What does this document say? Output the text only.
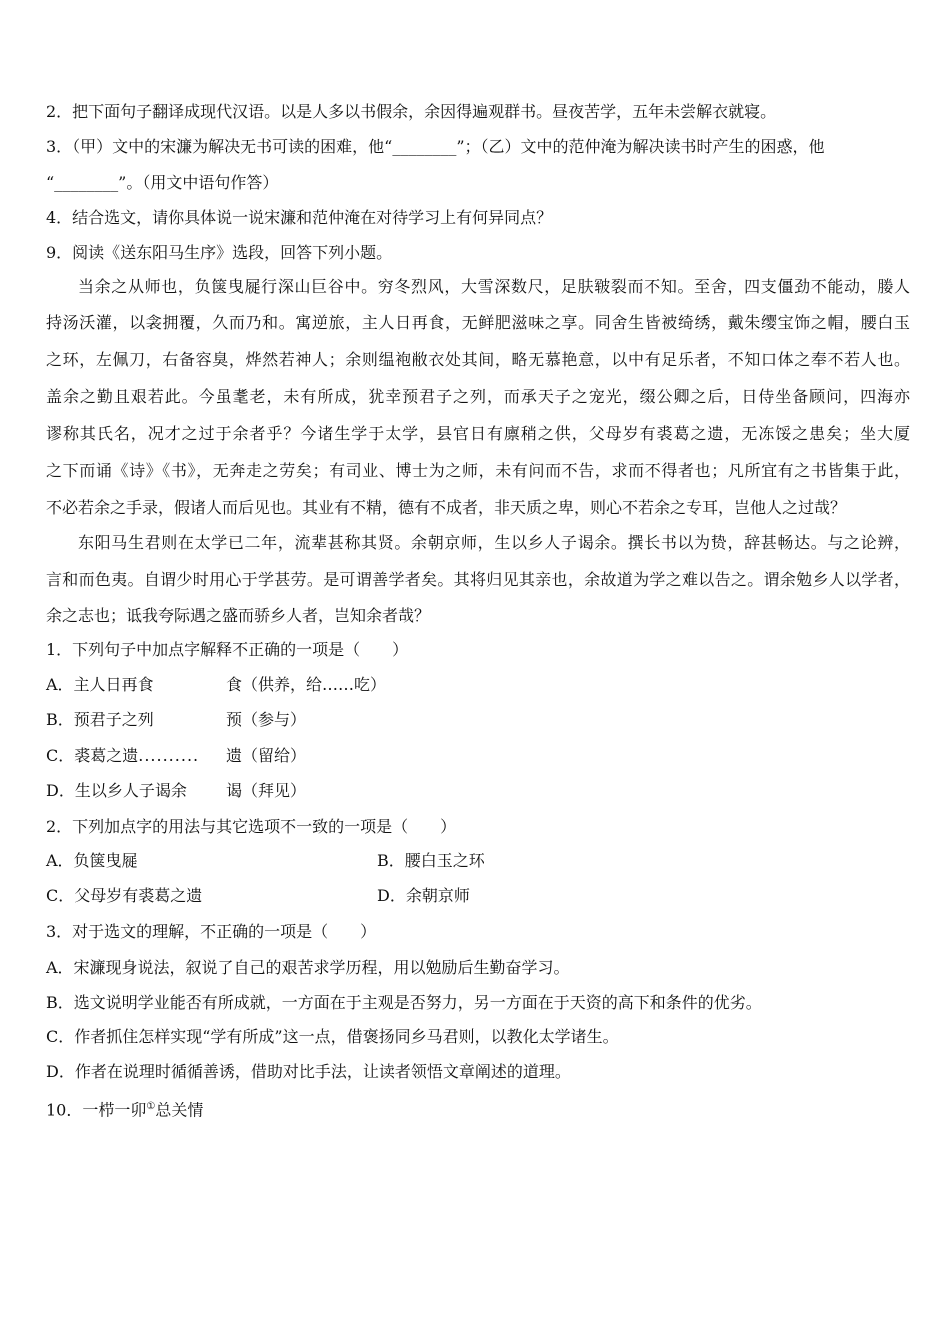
2．把下面句子翻译成现代汉语。以是人多以书假余，余因得遍观群书。昼夜苦学，五年未尝解衣就寝。
3．（甲）文中的宋濂为解决无书可读的困难，他“________”；（乙）文中的范仲淹为解决读书时产生的困惑，他
“________”。（用文中语句作答）
4．结合选文，请你具体说一说宋濂和范仲淹在对待学习上有何异同点？
9．阅读《送东阳马生序》选段，回答下列小题。
当余之从师也，负箧曳屣行深山巨谷中。穷冬烈风，大雪深数尺，足肤皲裂而不知。至舍，四支僵劲不能动，媵人
持汤沃灌，以衾拥覆，久而乃和。寓逆旅，主人日再食，无鲜肥滋味之享。同舍生皆被绮绣，戴朱缨宝饰之帽，腰白玉
之环，左佩刀，右备容臭，烨然若神人；余则缊袍敝衣处其间，略无慕艳意，以中有足乐者，不知口体之奉不若人也。
盖余之勤且艰若此。今虽耄老，未有所成，犹幸预君子之列，而承天子之宠光，缀公卿之后，日侍坐备顾问，四海亦
谬称其氏名，况才之过于余者乎？今诸生学于太学，县官日有廪稍之供，父母岁有裘葛之遗，无冻馁之患矣；坐大厦
之下而诵《诗》《书》，无奔走之劳矣；有司业、博士为之师，未有问而不告，求而不得者也；凡所宜有之书皆集于此，
不必若余之手录，假诸人而后见也。其业有不精，德有不成者，非天质之卑，则心不若余之专耳，岂他人之过哉？
东阳马生君则在太学已二年，流辈甚称其贤。余朝京师，生以乡人子谒余。撰长书以为贽，辞甚畅达。与之论辨，
言和而色夷。自谓少时用心于学甚劳。是可谓善学者矣。其将归见其亲也，余故道为学之难以告之。谓余勉乡人以学者，
余之志也；诋我夸际遇之盛而骄乡人者，岂知余者哉？
1．下列句子中加点字解释不正确的一项是（　　）
A．主人日再食	食（供养，给……吃）
B．预君子之列	预（参与）
C．裘葛之遗.......... 遗（留给）
D．生以乡人子谒余 谒（拜见）
2．下列加点字的用法与其它选项不一致的一项是（　　）
A．负箧曳屣	B．腰白玉之环
C．父母岁有裘葛之遗	D．余朝京师
3．对于选文的理解，不正确的一项是（　　）
A．宋濂现身说法，叙说了自己的艰苦求学历程，用以勉励后生勤奋学习。
B．选文说明学业能否有所成就，一方面在于主观是否努力，另一方面在于天资的高下和条件的优劣。
C．作者抓住怎样实现“学有所成”这一点，借褒扬同乡马君则，以教化太学诸生。
D．作者在说理时循循善诱，借助对比手法，让读者领悟文章阐述的道理。
10．一栉一卯①总关情
